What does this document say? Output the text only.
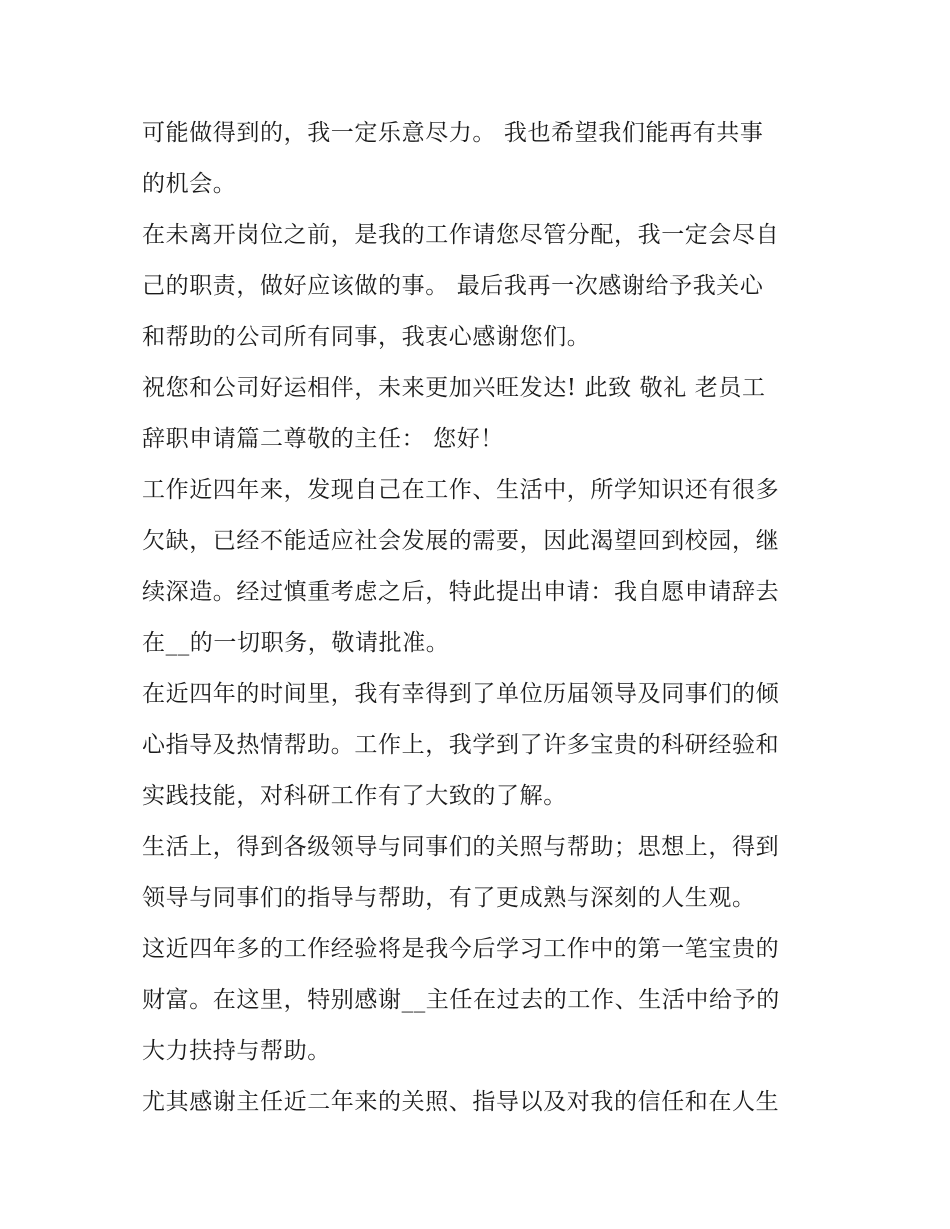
可能做得到的，我一定乐意尽力。 我也希望我们能再有共事
的机会。
在未离开岗位之前，是我的工作请您尽管分配，我一定会尽自
己的职责，做好应该做的事。 最后我再一次感谢给予我关心
和帮助的公司所有同事，我衷心感谢您们。
祝您和公司好运相伴，未来更加兴旺发达! 此致 敬礼 老员工
辞职申请篇二尊敬的主任： 您好！
工作近四年来，发现自己在工作、生活中，所学知识还有很多
欠缺，已经不能适应社会发展的需要，因此渴望回到校园，继
续深造。经过慎重考虑之后，特此提出申请：我自愿申请辞去
在__的一切职务，敬请批准。
在近四年的时间里，我有幸得到了单位历届领导及同事们的倾
心指导及热情帮助。工作上，我学到了许多宝贵的科研经验和
实践技能，对科研工作有了大致的了解。
生活上，得到各级领导与同事们的关照与帮助；思想上，得到
领导与同事们的指导与帮助，有了更成熟与深刻的人生观。
这近四年多的工作经验将是我今后学习工作中的第一笔宝贵的
财富。在这里，特别感谢__主任在过去的工作、生活中给予的
大力扶持与帮助。
尤其感谢主任近二年来的关照、指导以及对我的信任和在人生
